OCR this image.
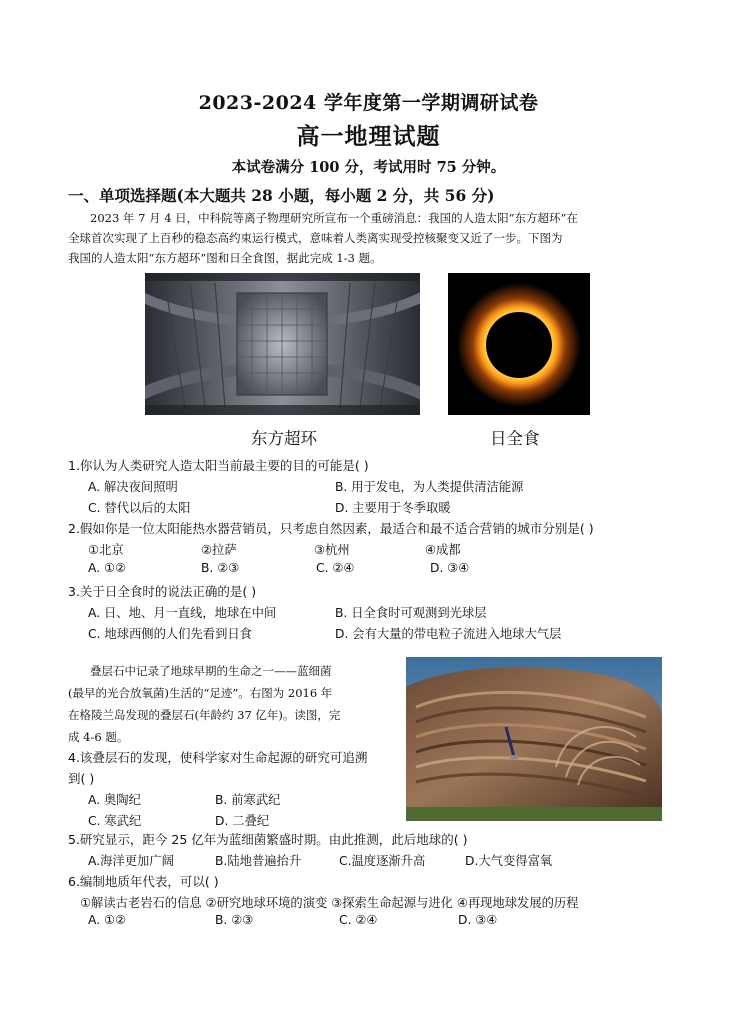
2023-2024 学年度第一学期调研试卷
高一地理试题
本试卷满分 100 分，考试用时 75 分钟。
一、单项选择题(本大题共 28 小题，每小题 2 分，共 56 分)
2023 年 7 月 4 日，中科院等离子物理研究所宣布一个重磅消息：我国的人造太阳“东方超环”在
全球首次实现了上百秒的稳态高约束运行模式，意味着人类离实现受控核聚变又近了一步。下图为
我国的人造太阳“东方超环”图和日全食图，据此完成 1-3 题。
东方超环	日全食
1.你认为人类研究人造太阳当前最主要的目的可能是( )
A. 解决夜间照明	B. 用于发电，为人类提供清洁能源
C. 替代以后的太阳	D. 主要用于冬季取暖
2.假如你是一位太阳能热水器营销员，只考虑自然因素，最适合和最不适合营销的城市分别是( )
①北京	②拉萨	③杭州	④成都
A. ①②	B. ②③	C. ②④	D. ③④
3.关于日全食时的说法正确的是( )
A. 日、地、月一直线，地球在中间	B. 日全食时可观测到光球层
C. 地球西侧的人们先看到日食	D. 会有大量的带电粒子流进入地球大气层
叠层石中记录了地球早期的生命之一——蓝细菌
(最早的光合放氧菌)生活的“足迹”。右图为 2016 年
在格陵兰岛发现的叠层石(年龄约 37 亿年)。读图，完
成 4-6 题。
4.该叠层石的发现，使科学家对生命起源的研究可追溯
到( )
A. 奥陶纪	B. 前寒武纪
C. 寒武纪	D. 二叠纪
5.研究显示，距今 25 亿年为蓝细菌繁盛时期。由此推测，此后地球的( )
A.海洋更加广阔	B.陆地普遍抬升	C.温度逐渐升高	D.大气变得富氧
6.编制地质年代表，可以( )
①解读古老岩石的信息 ②研究地球环境的演变 ③探索生命起源与进化 ④再现地球发展的历程
A. ①②	B. ②③	C. ②④	D. ③④
